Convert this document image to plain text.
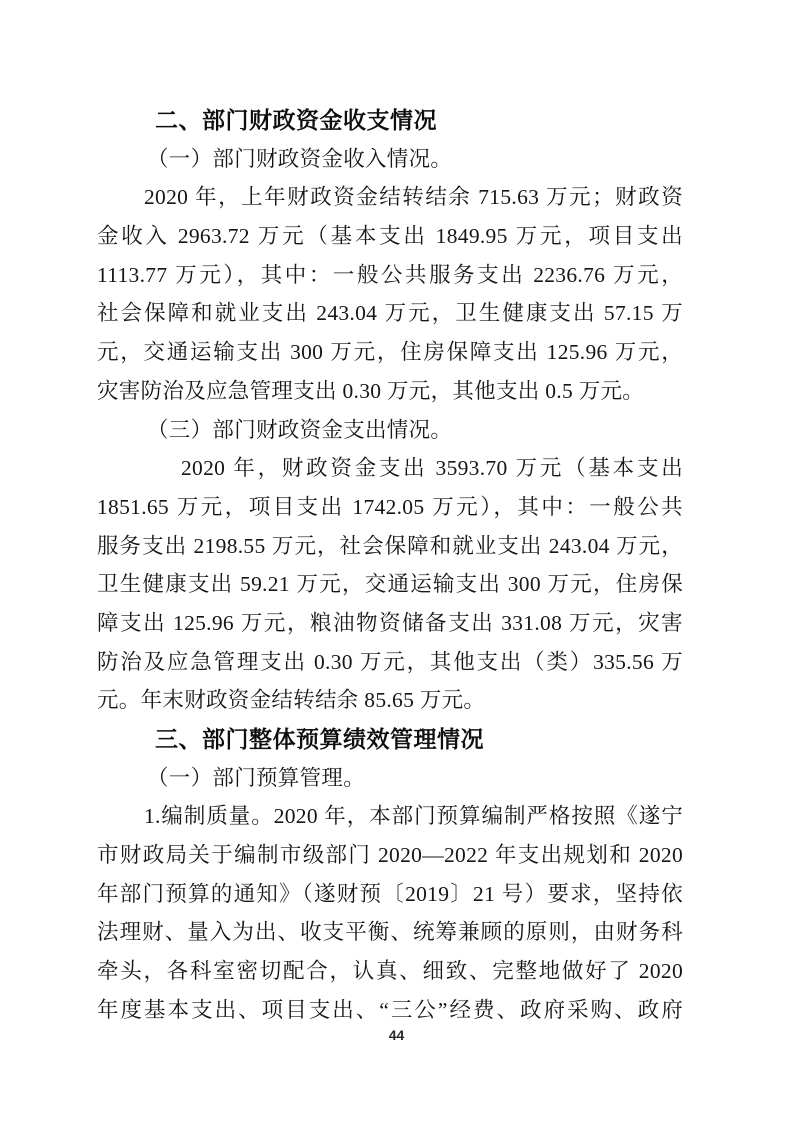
二、部门财政资金收支情况
（一）部门财政资金收入情况。
2020 年，上年财政资金结转结余 715.63 万元；财政资
金收入 2963.72 万元（基本支出 1849.95 万元，项目支出
1113.77 万元），其中：一般公共服务支出 2236.76 万元，
社会保障和就业支出 243.04 万元，卫生健康支出 57.15 万
元，交通运输支出 300 万元，住房保障支出 125.96 万元，
灾害防治及应急管理支出 0.30 万元，其他支出 0.5 万元。
（三）部门财政资金支出情况。
2020 年，财政资金支出 3593.70 万元（基本支出
1851.65 万元，项目支出 1742.05 万元），其中：一般公共
服务支出 2198.55 万元，社会保障和就业支出 243.04 万元，
卫生健康支出 59.21 万元，交通运输支出 300 万元，住房保
障支出 125.96 万元，粮油物资储备支出 331.08 万元，灾害
防治及应急管理支出 0.30 万元，其他支出（类）335.56 万
元。年末财政资金结转结余 85.65 万元。
三、部门整体预算绩效管理情况
（一）部门预算管理。
1.编制质量。2020 年，本部门预算编制严格按照《遂宁
市财政局关于编制市级部门 2020—2022 年支出规划和 2020
年部门预算的通知》（遂财预〔2019〕21 号）要求，坚持依
法理财、量入为出、收支平衡、统筹兼顾的原则，由财务科
牵头，各科室密切配合，认真、细致、完整地做好了 2020
年度基本支出、项目支出、“三公”经费、政府采购、政府
44
